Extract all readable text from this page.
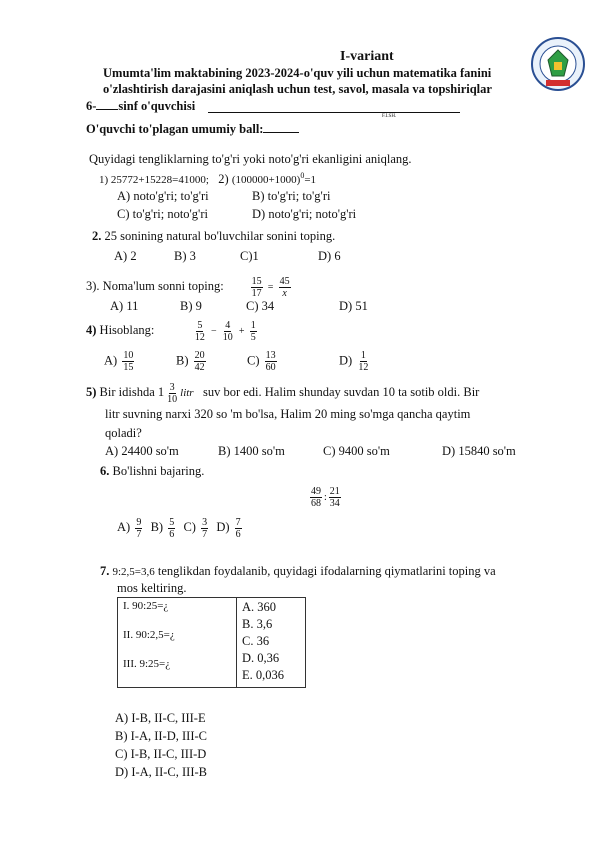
I-variant
Umumta'lim maktabining 2023-2024-o'quv yili uchun matematika fanini
o'zlashtirish darajasini aniqlash uchun test, savol, masala va topshiriqlar
6- sinf o'quvchisi
F.I.SH.
O'quvchi to'plagan umumiy ball:
Quyidagi tengliklarning to'g'ri yoki noto'g'ri ekanligini aniqlang.
1) 25772+15228=41000; 2) $(100000+1000)^0=1$
A) noto'g'ri; to'g'ri	B) to'g'ri; to'g'ri
C) to'g'ri; noto'g'ri	D) noto'g'ri; noto'g'ri
2. 25 sonining natural bo'luvchilar sonini toping.
A) 2	B) 3	C)1	D) 6
3). Noma'lum sonni toping:	$\frac{15}{17} = \frac{45}{x}$
A) 11	B) 9	C) 34	D) 51
4) Hisoblang:	$\frac{5}{12} - \frac{4}{10} + \frac{1}{5}$
$A) \frac{10}{15}$	$B) \frac{20}{42}$	$C) \frac{13}{60}$	$D) \frac{1}{12}$
5) Bir idishda $1 \frac{3}{10}$ litr suv bor edi. Halim shunday suvdan 10 ta sotib oldi. Bir
litr suvning narxi 320 so 'm bo'lsa, Halim 20 ming so'mga qancha qaytim
qoladi?
A) 24400 so'm	B) 1400 so'm	C) 9400 so'm	D) 15840 so'm
6. Bo'lishni bajaring.
$\frac{49}{68}$ : $\frac{21}{34}$
$A) \frac{9}{7} B) \frac{5}{6} C) \frac{3}{7} D) \frac{7}{6}$
7. 9:2,5=3,6 tenglikdan foydalanib, quyidagi ifodalarning qiymatlarini toping va
mos keltiring.
I. 90:25=¿
II. 90:2,5=¿
III. 9:25=¿

A. 360
B. 3,6
C. 36
D. 0,36
E. 0,036
A) I-B, II-C, III-E
B) I-A, II-D, III-C
C) I-B, II-C, III-D
D) I-A, II-C, III-B
